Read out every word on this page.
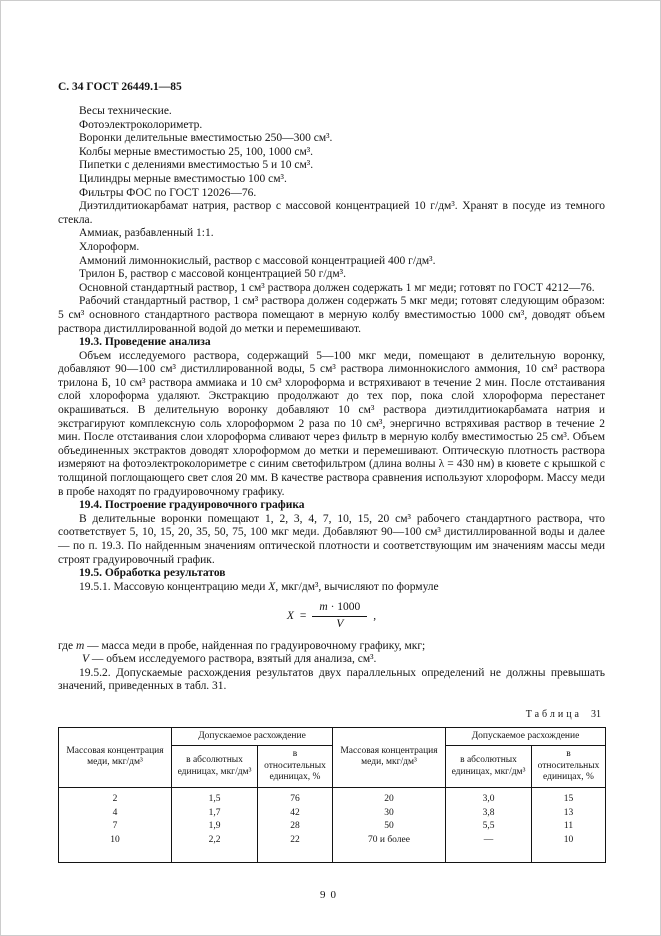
С. 34 ГОСТ 26449.1—85

Весы технические.

Фотоэлектроколориметр.

Воронки делительные вместимостью 250—300 см³.

Колбы мерные вместимостью 25, 100, 1000 см³.

Пипетки с делениями вместимостью 5 и 10 см³.

Цилиндры мерные вместимостью 100 см³.

Фильтры ФОС по ГОСТ 12026—76.

Диэтилдитиокарбамат натрия, раствор с массовой концентрацией 10 г/дм³. Хранят в посуде из темного стекла.

Аммиак, разбавленный 1:1.

Хлороформ.

Аммоний лимоннокислый, раствор с массовой концентрацией 400 г/дм³.

Трилон Б, раствор с массовой концентрацией 50 г/дм³.

Основной стандартный раствор, 1 см³ раствора должен содержать 1 мг меди; готовят по ГОСТ 4212—76.

Рабочий стандартный раствор, 1 см³ раствора должен содержать 5 мкг меди; готовят следующим образом: 5 см³ основного стандартного раствора помещают в мерную колбу вместимостью 1000 см³, доводят объем раствора дистиллированной водой до метки и перемешивают.

19.3. Проведение анализа

Объем исследуемого раствора, содержащий 5—100 мкг меди, помещают в делительную воронку, добавляют 90—100 см³ дистиллированной воды, 5 см³ раствора лимоннокислого аммония, 10 см³ раствора трилона Б, 10 см³ раствора аммиака и 10 см³ хлороформа и встряхивают в течение 2 мин. После отстаивания слой хлороформа удаляют. Экстракцию продолжают до тех пор, пока слой хлороформа перестанет окрашиваться. В делительную воронку добавляют 10 см³ раствора диэтилдитиокарбамата натрия и экстрагируют комплексную соль хлороформом 2 раза по 10 см³, энергично встряхивая раствор в течение 2 мин. После отстаивания слои хлороформа сливают через фильтр в мерную колбу вместимостью 25 см³. Объем объединенных экстрактов доводят хлороформом до метки и перемешивают. Оптическую плотность раствора измеряют на фотоэлектроколориметре с синим светофильтром (длина волны λ = 430 нм) в кювете с крышкой с толщиной поглощающего свет слоя 20 мм. В качестве раствора сравнения используют хлороформ. Массу меди в пробе находят по градуировочному графику.

19.4. Построение градуировочного графика

В делительные воронки помещают 1, 2, 3, 4, 7, 10, 15, 20 см³ рабочего стандартного раствора, что соответствует 5, 10, 15, 20, 35, 50, 75, 100 мкг меди. Добавляют 90—100 см³ дистиллированной воды и далее — по п. 19.3. По найденным значениям оптической плотности и соответствующим им значениям массы меди строят градуировочный график.

19.5. Обработка результатов

19.5.1. Массовую концентрацию меди X, мкг/дм³, вычисляют по формуле

$X = \frac{m \cdot 1000}{V}$ ,

где m — масса меди в пробе, найденная по градуировочному графику, мкг;

V — объем исследуемого раствора, взятый для анализа, см³.

19.5.2. Допускаемые расхождения результатов двух параллельных определений не должны превышать значений, приведенных в табл. 31.

Таблица 31
Массовая концентрация меди, мкг/дм³	Допускаемое расхождение		Массовая концентрация меди, мкг/дм³	Допускаемое расхождение	
	в абсолютных единицах, мкг/дм³	в относительных единицах, %		в абсолютных единицах, мкг/дм³	в относительных единицах, %
2	1,5	76	20	3,0	15
4	1,7	42	30	3,8	13
7	1,9	28	50	5,5	11
10	2,2	22	70 и более	—	10
90
